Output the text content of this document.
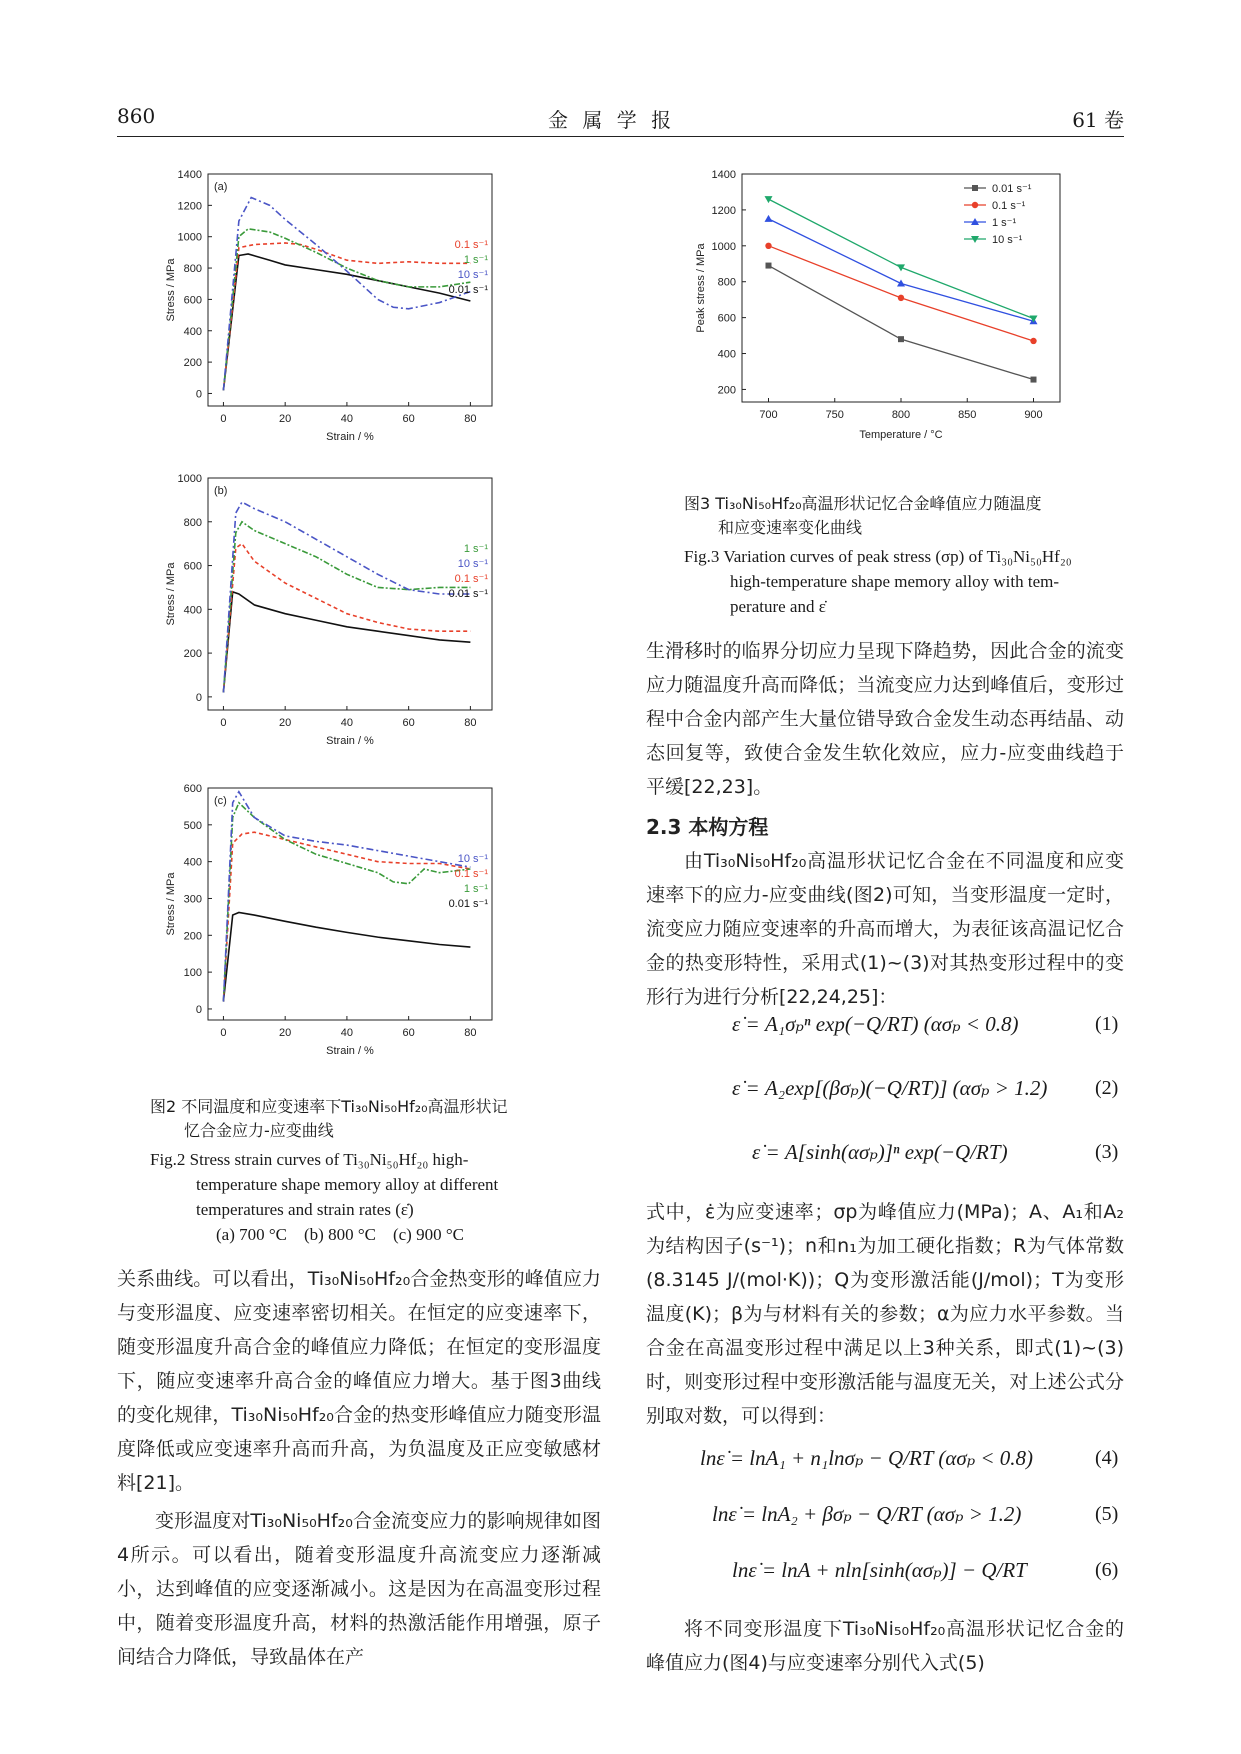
860	金 属 学 报	61 卷
0
200
400
600
800
1000
1200
1400
0	20	40	60	80
Strain / %
Stress / MPa
(a)
0.1 s⁻¹
1 s⁻¹
10 s⁻¹
0.01 s⁻¹
0
200
400
600
800
1000
0	20	40	60	80
Strain / %
Stress / MPa
(b)
1 s⁻¹
10 s⁻¹
0.1 s⁻¹
0.01 s⁻¹
0
100
200
300
400
500
600
0	20	40	60	80
Strain / %
Stress / MPa
(c)
10 s⁻¹
0.1 s⁻¹
1 s⁻¹
0.01 s⁻¹
图2 不同温度和应变速率下Ti₃₀Ni₅₀Hf₂₀高温形状记
忆合金应力-应变曲线
Fig.2 Stress strain curves of Ti₃₀Ni₅₀Hf₂₀ high-
temperature shape memory alloy at different
temperatures and strain rates (ε̇)
(a) 700 °C    (b) 800 °C    (c) 900 °C

关系曲线。可以看出，Ti₃₀Ni₅₀Hf₂₀合金热变形的峰值应力与变形温度、应变速率密切相关。在恒定的应变速率下，随变形温度升高合金的峰值应力降低；在恒定的变形温度下，随应变速率升高合金的峰值应力增大。基于图3曲线的变化规律，Ti₃₀Ni₅₀Hf₂₀合金的热变形峰值应力随变形温度降低或应变速率升高而升高，为负温度及正应变敏感材料[21]。

变形温度对Ti₃₀Ni₅₀Hf₂₀合金流变应力的影响规律如图4所示。可以看出，随着变形温度升高流变应力逐渐减小，达到峰值的应变逐渐减小。这是因为在高温变形过程中，随着变形温度升高，材料的热激活能作用增强，原子间结合力降低，导致晶体在产

200
400
600
800
1000
1200
1400
700	750	800	850	900
Temperature / °C
Peak stress / MPa
0.01 s⁻¹
0.1 s⁻¹
1 s⁻¹
10 s⁻¹
图3 Ti₃₀Ni₅₀Hf₂₀高温形状记忆合金峰值应力随温度
和应变速率变化曲线
Fig.3 Variation curves of peak stress (σp) of Ti₃₀Ni₅₀Hf₂₀
high-temperature shape memory alloy with tem-
perature and ε̇

生滑移时的临界分切应力呈现下降趋势，因此合金的流变应力随温度升高而降低；当流变应力达到峰值后，变形过程中合金内部产生大量位错导致合金发生动态再结晶、动态回复等，致使合金发生软化效应，应力-应变曲线趋于平缓[22,23]。

2.3 本构方程

由Ti₃₀Ni₅₀Hf₂₀高温形状记忆合金在不同温度和应变速率下的应力-应变曲线(图2)可知，当变形温度一定时，流变应力随应变速率的升高而增大，为表征该高温记忆合金的热变形特性，采用式(1)~(3)对其热变形过程中的变形行为进行分析[22,24,25]：

ε̇ = A₁σₚⁿ exp(−Q/RT) (ασₚ < 0.8)	(1)
ε̇ = A₂exp[(βσₚ)(−Q/RT)] (ασₚ > 1.2) (2)
ε̇ = A[sinh(ασₚ)]ⁿ exp(−Q/RT)	(3)

式中，ε̇为应变速率；σp为峰值应力(MPa)；A、A₁和A₂为结构因子(s⁻¹)；n和n₁为加工硬化指数；R为气体常数(8.3145 J/(mol·K))；Q为变形激活能(J/mol)；T为变形温度(K)；β为与材料有关的参数；α为应力水平参数。当合金在高温变形过程中满足以上3种关系，即式(1)~(3)时，则变形过程中变形激活能与温度无关，对上述公式分别取对数，可以得到：

lnε̇ = lnA₁ + n₁lnσₚ − Q/RT (ασₚ < 0.8)	(4)
lnε̇ = lnA₂ + βσₚ − Q/RT (ασₚ > 1.2)	(5)
lnε̇ = lnA + nln[sinh(ασₚ)] − Q/RT	(6)

将不同变形温度下Ti₃₀Ni₅₀Hf₂₀高温形状记忆合金的峰值应力(图4)与应变速率分别代入式(5)
